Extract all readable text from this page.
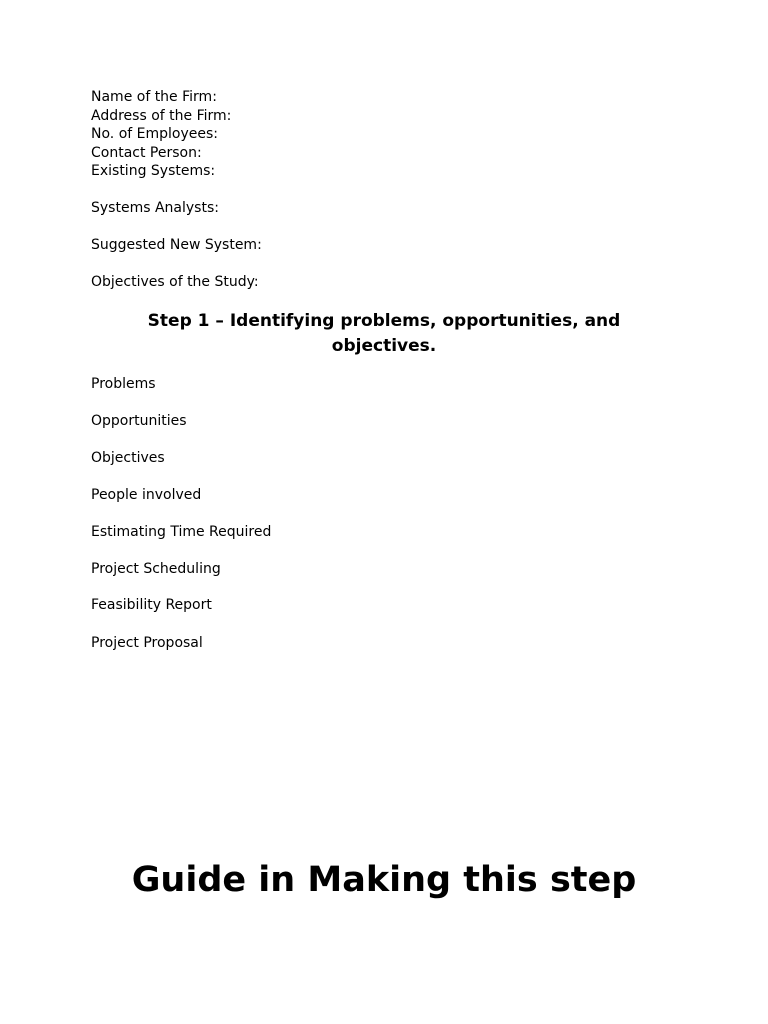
Name of the Firm:
Address of the Firm:
No. of Employees:
Contact Person:
Existing Systems:
Systems Analysts:
Suggested New System:
Objectives of the Study:
Step 1 – Identifying problems, opportunities, and
objectives.
Problems
Opportunities
Objectives
People involved
Estimating Time Required
Project Scheduling
Feasibility Report
Project Proposal
Guide in Making this step
